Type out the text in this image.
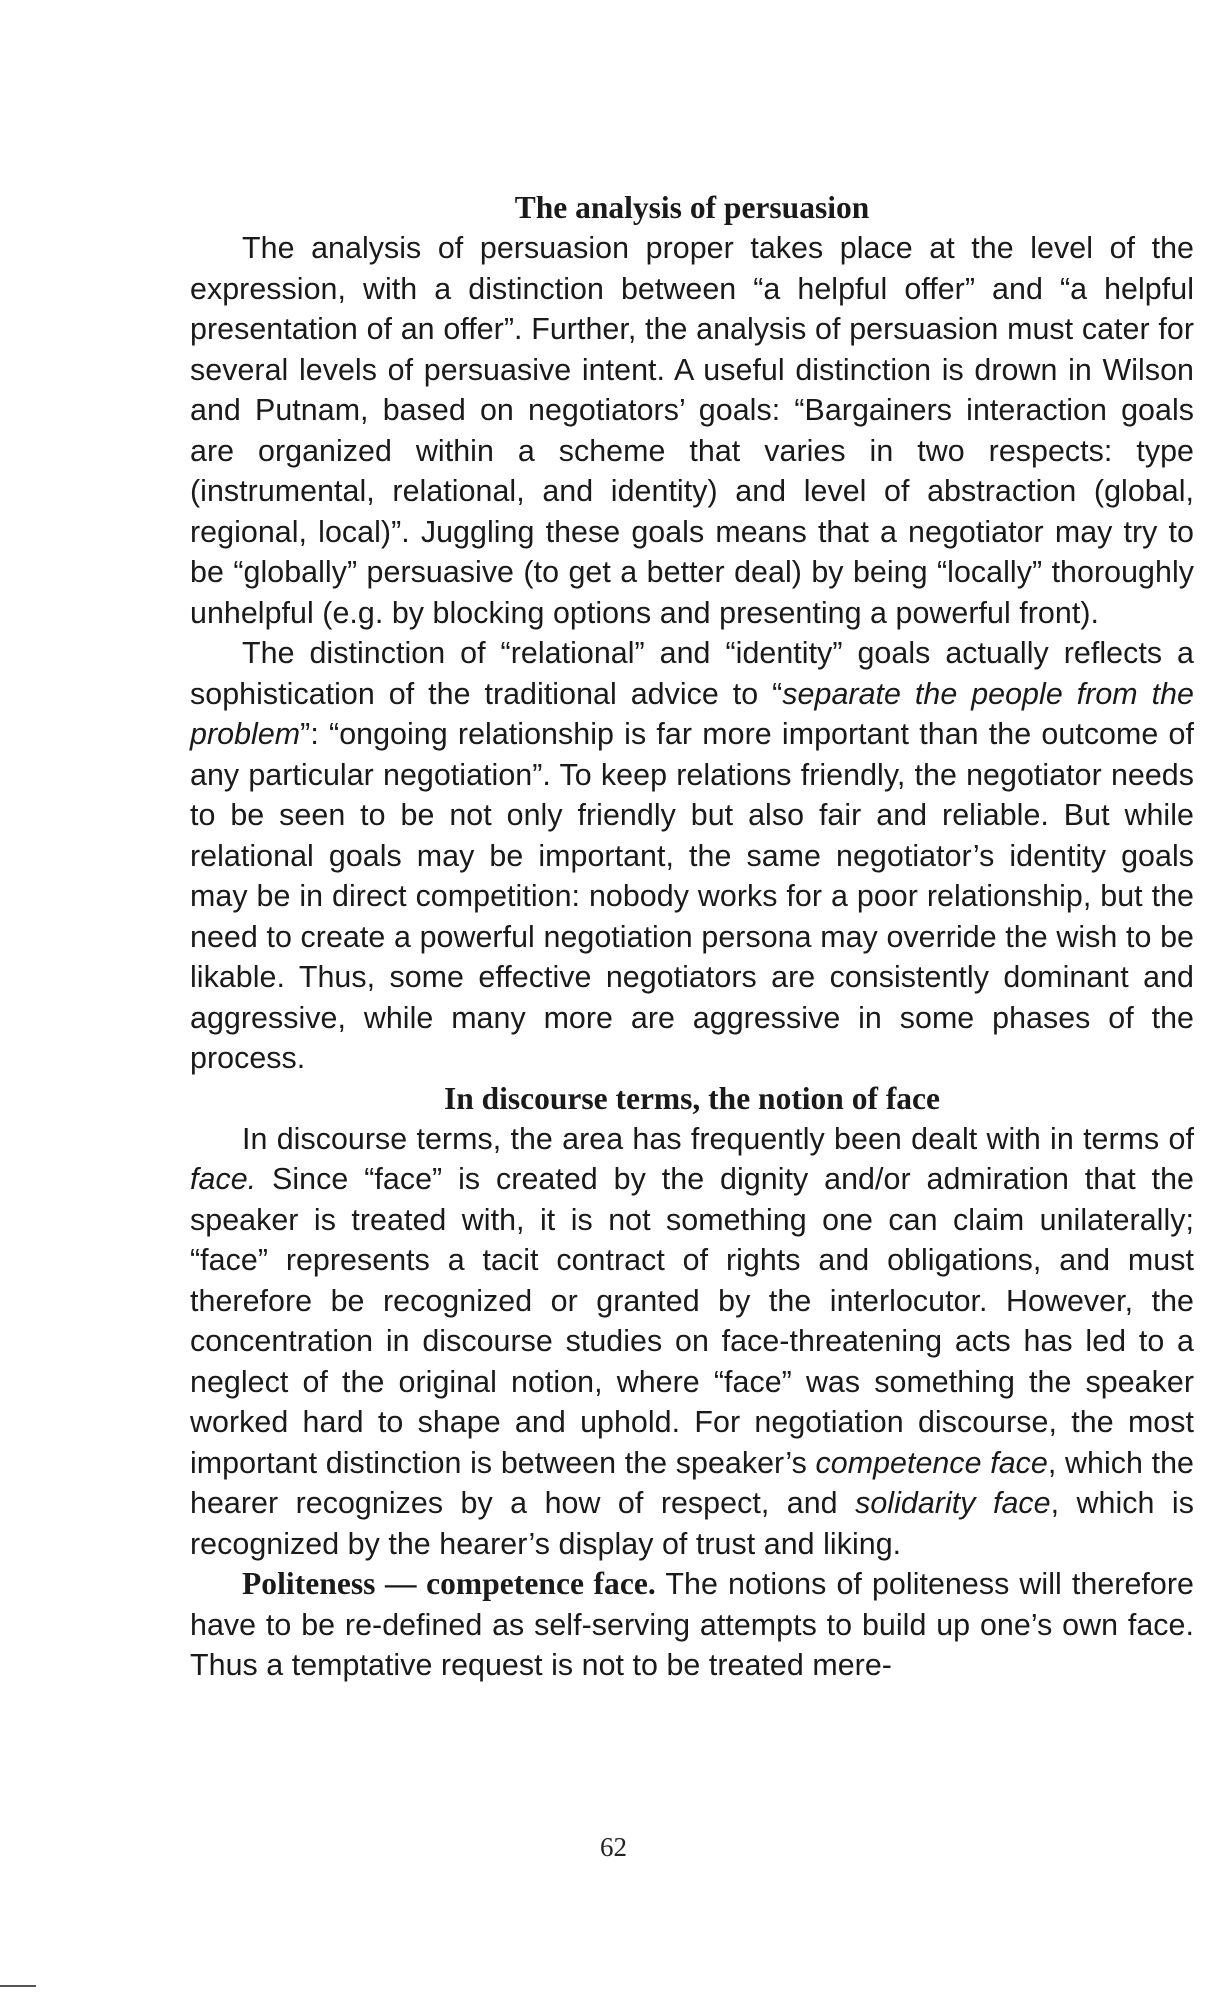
The analysis of persuasion

The analysis of persuasion proper takes place at the level of the expression, with a distinction between “a helpful offer” and “a helpful presentation of an offer”. Further, the analysis of persuasion must cater for several levels of persuasive intent. A useful distinction is drown in Wilson and Putnam, based on negotiators’ goals: “Bargainers interaction goals are organized within a scheme that varies in two respects: type (instrumental, relational, and identity) and level of abstraction (global, regional, local)”. Juggling these goals means that a negotiator may try to be “globally” persuasive (to get a better deal) by being “locally” thoroughly unhelpful (e.g. by blocking options and presenting a powerful front).

The distinction of “relational” and “identity” goals actually reflects a sophistication of the traditional advice to “separate the people from the problem”: “ongoing relationship is far more important than the outcome of any particular negotiation”. To keep relations friendly, the negotiator needs to be seen to be not only friendly but also fair and reliable. But while relational goals may be important, the same negotiator’s identity goals may be in direct competition: nobody works for a poor relationship, but the need to create a powerful negotiation persona may override the wish to be likable. Thus, some effective negotiators are consistently dominant and aggressive, while many more are aggressive in some phases of the process.

In discourse terms, the notion of face

In discourse terms, the area has frequently been dealt with in terms of face. Since “face” is created by the dignity and/or admiration that the speaker is treated with, it is not something one can claim unilaterally; “face” represents a tacit contract of rights and obligations, and must therefore be recognized or granted by the interlocutor. However, the concentration in discourse studies on face-threatening acts has led to a neglect of the original notion, where “face” was something the speaker worked hard to shape and uphold. For negotiation discourse, the most important distinction is between the speaker’s competence face, which the hearer recognizes by a how of respect, and solidarity face, which is recognized by the hearer’s display of trust and liking.

Politeness — competence face. The notions of politeness will therefore have to be re-defined as self-serving attempts to build up one’s own face. Thus a temptative request is not to be treated mere-

62
